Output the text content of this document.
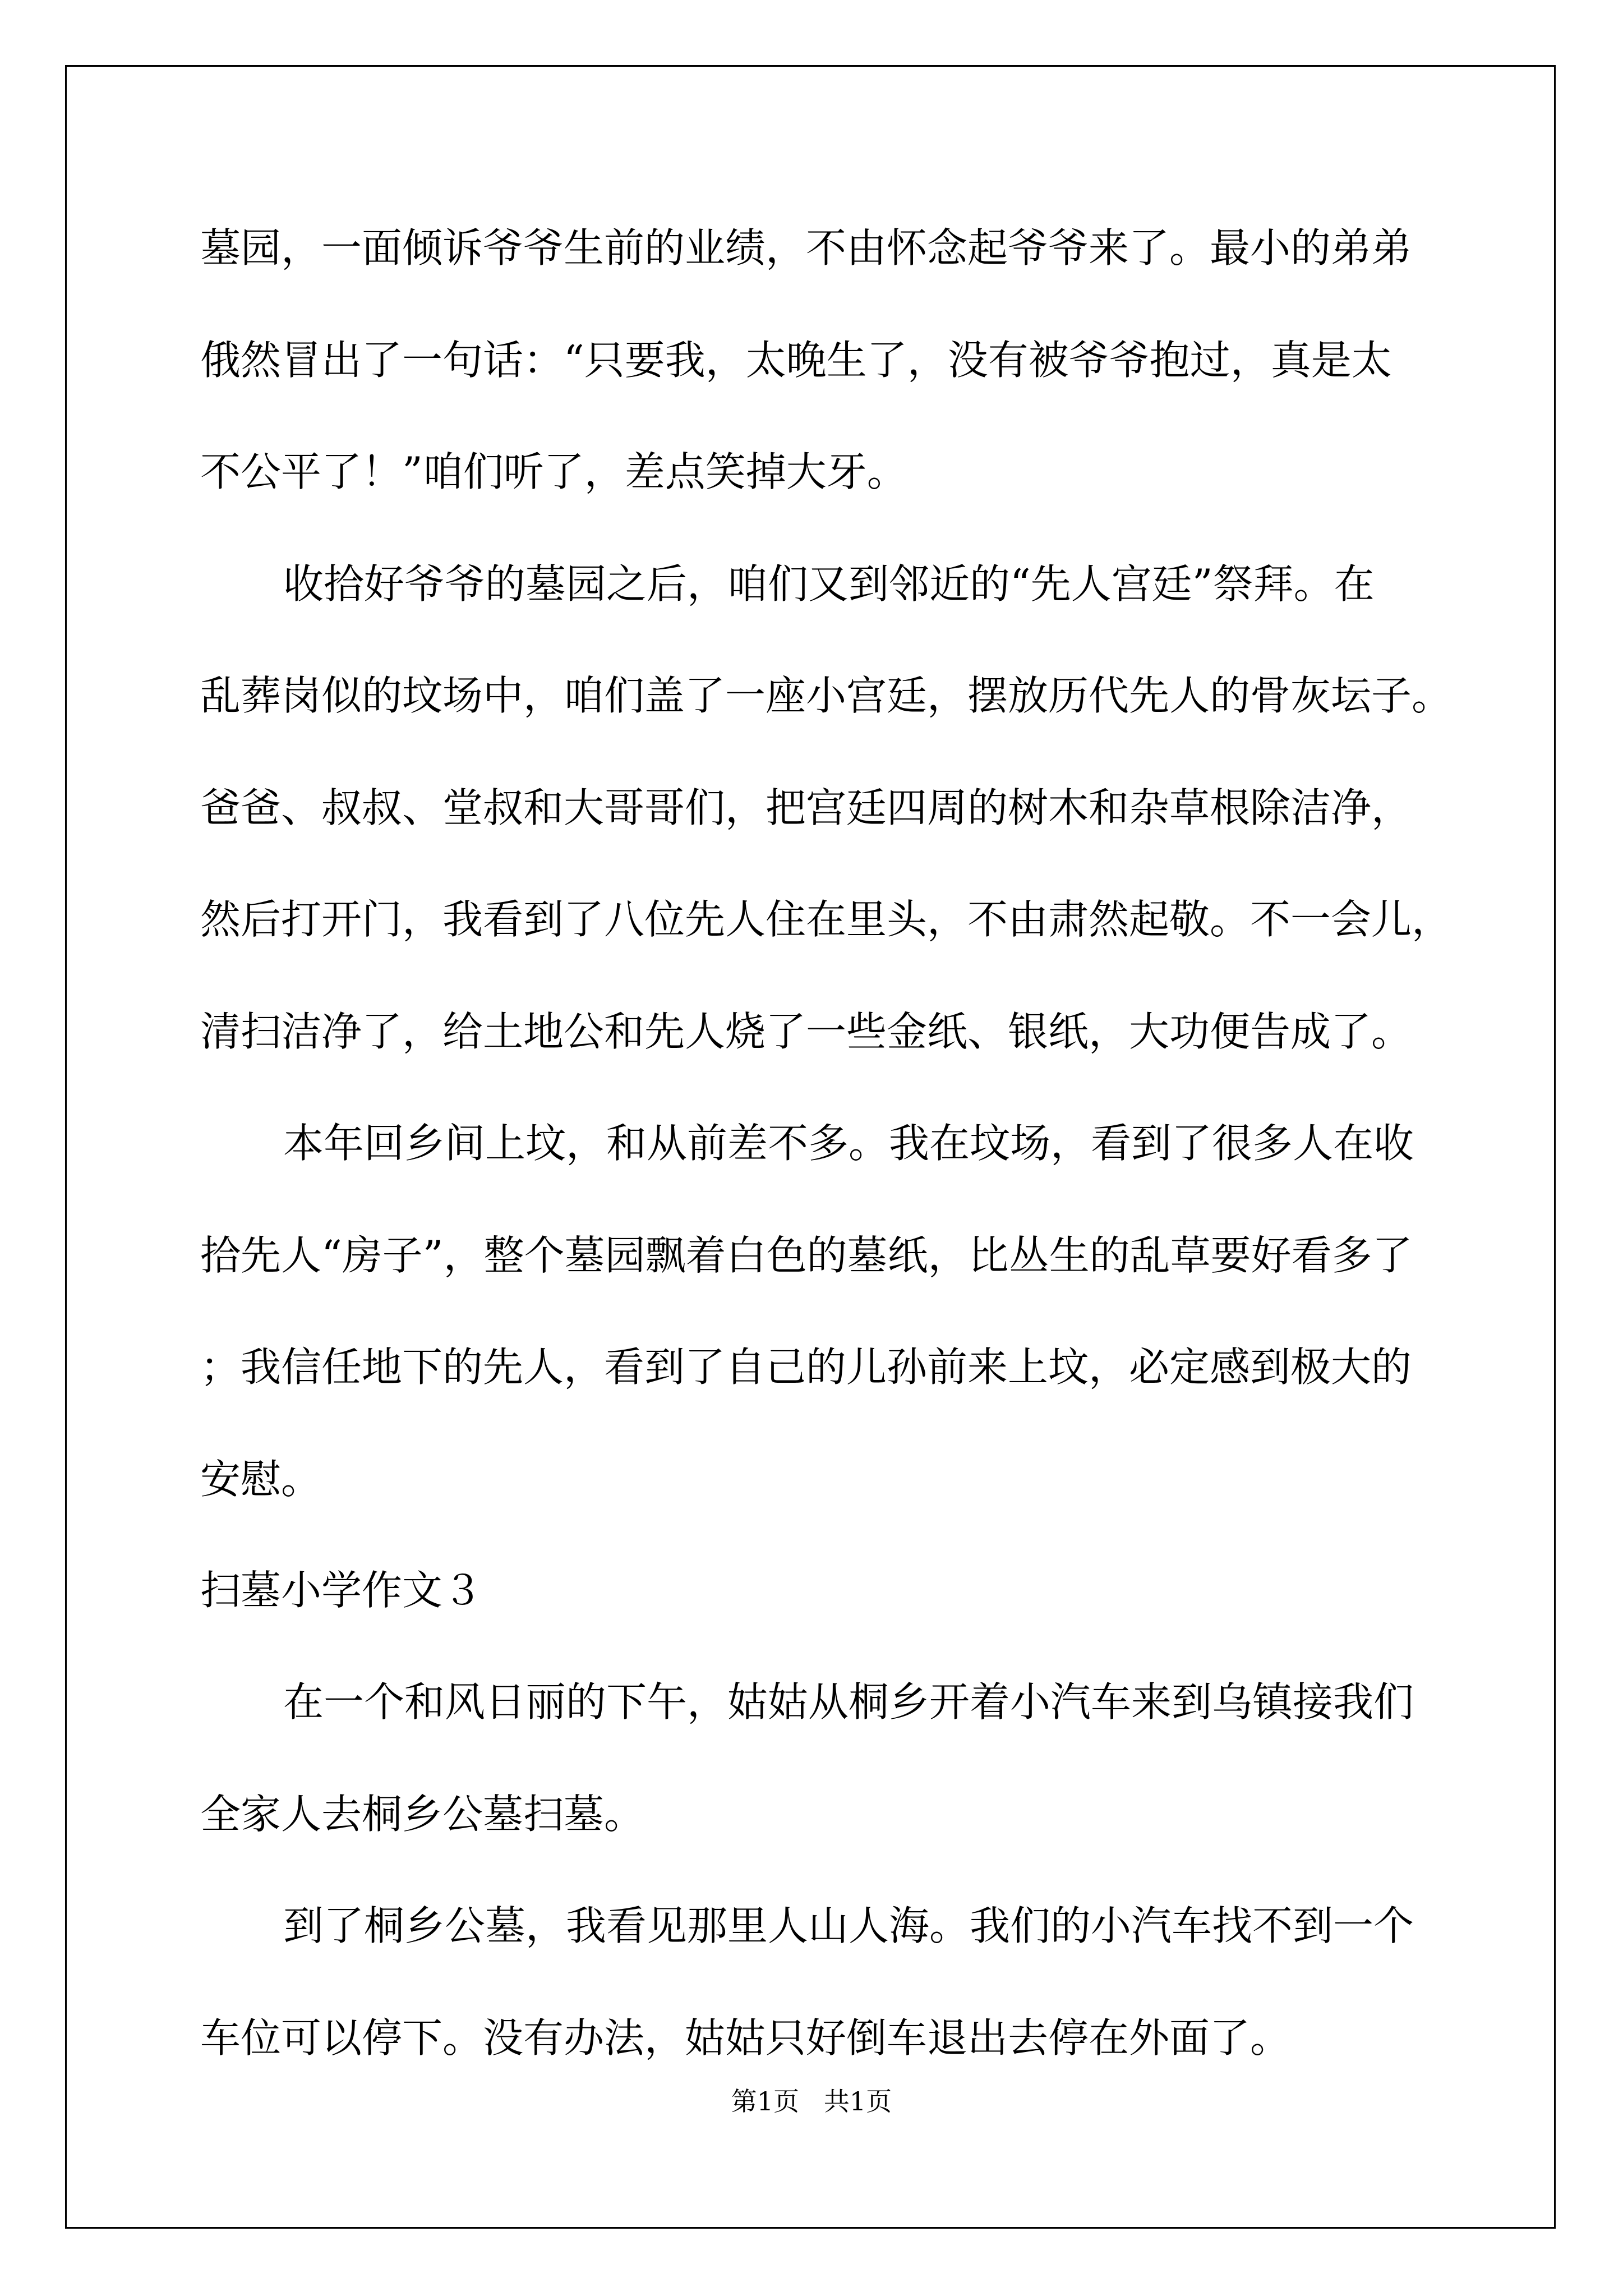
墓园，一面倾诉爷爷生前的业绩，不由怀念起爷爷来了。最小的弟弟
俄然冒出了一句话：“只要我，太晚生了，没有被爷爷抱过，真是太
不公平了！”咱们听了，差点笑掉大牙。
收拾好爷爷的墓园之后，咱们又到邻近的“先人宫廷”祭拜。在
乱葬岗似的坟场中，咱们盖了一座小宫廷，摆放历代先人的骨灰坛子。
爸爸、叔叔、堂叔和大哥哥们，把宫廷四周的树木和杂草根除洁净，
然后打开门，我看到了八位先人住在里头，不由肃然起敬。不一会儿，
清扫洁净了，给土地公和先人烧了一些金纸、银纸，大功便告成了。
本年回乡间上坟，和从前差不多。我在坟场，看到了很多人在收
拾先人“房子”，整个墓园飘着白色的墓纸，比丛生的乱草要好看多了
；我信任地下的先人，看到了自己的儿孙前来上坟，必定感到极大的
安慰。
扫墓小学作文３
在一个和风日丽的下午，姑姑从桐乡开着小汽车来到乌镇接我们
全家人去桐乡公墓扫墓。
到了桐乡公墓，我看见那里人山人海。我们的小汽车找不到一个
车位可以停下。没有办法，姑姑只好倒车退出去停在外面了。
第1页   共1页
